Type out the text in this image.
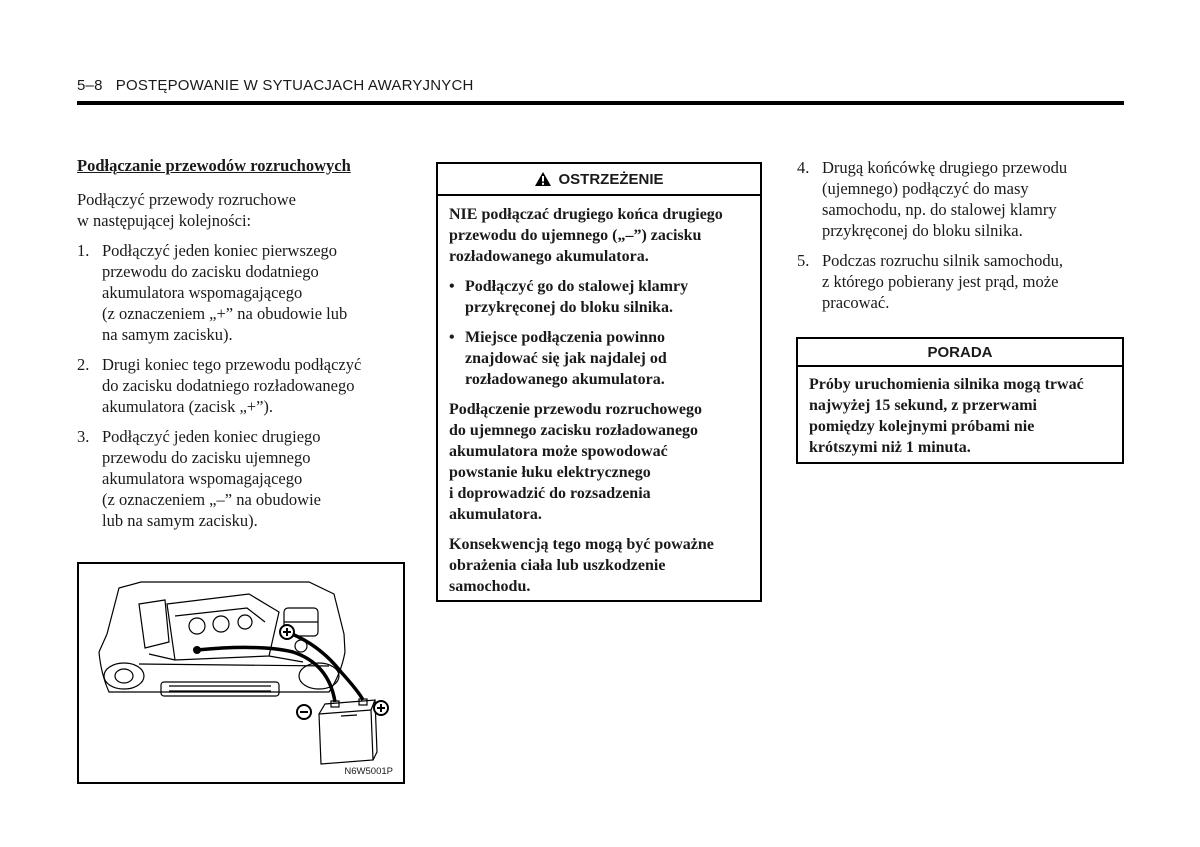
5–8 POSTĘPOWANIE W SYTUACJACH AWARYJNYCH
Podłączanie przewodów rozruchowych
Podłączyć przewody rozruchowe
w następującej kolejności:
1. Podłączyć jeden koniec pierwszego
przewodu do zacisku dodatniego
akumulatora wspomagającego
(z oznaczeniem „+” na obudowie lub
na samym zacisku).
2. Drugi koniec tego przewodu podłączyć
do zacisku dodatniego rozładowanego
akumulatora (zacisk „+”).
3. Podłączyć jeden koniec drugiego
przewodu do zacisku ujemnego
akumulatora wspomagającego
(z oznaczeniem „–” na obudowie
lub na samym zacisku).
N6W5001P
OSTRZEŻENIE

NIE podłączać drugiego końca drugiego
przewodu do ujemnego („–”) zacisku
rozładowanego akumulatora.

• Podłączyć go do stalowej klamry
przykręconej do bloku silnika.
• Miejsce podłączenia powinno
znajdować się jak najdalej od
rozładowanego akumulatora.

Podłączenie przewodu rozruchowego
do ujemnego zacisku rozładowanego
akumulatora może spowodować
powstanie łuku elektrycznego
i doprowadzić do rozsadzenia
akumulatora.

Konsekwencją tego mogą być poważne
obrażenia ciała lub uszkodzenie
samochodu.

4. Drugą końcówkę drugiego przewodu
(ujemnego) podłączyć do masy
samochodu, np. do stalowej klamry
przykręconej do bloku silnika.
5. Podczas rozruchu silnik samochodu,
z którego pobierany jest prąd, może
pracować.
PORADA
Próby uruchomienia silnika mogą trwać
najwyżej 15 sekund, z przerwami
pomiędzy kolejnymi próbami nie
krótszymi niż 1 minuta.
